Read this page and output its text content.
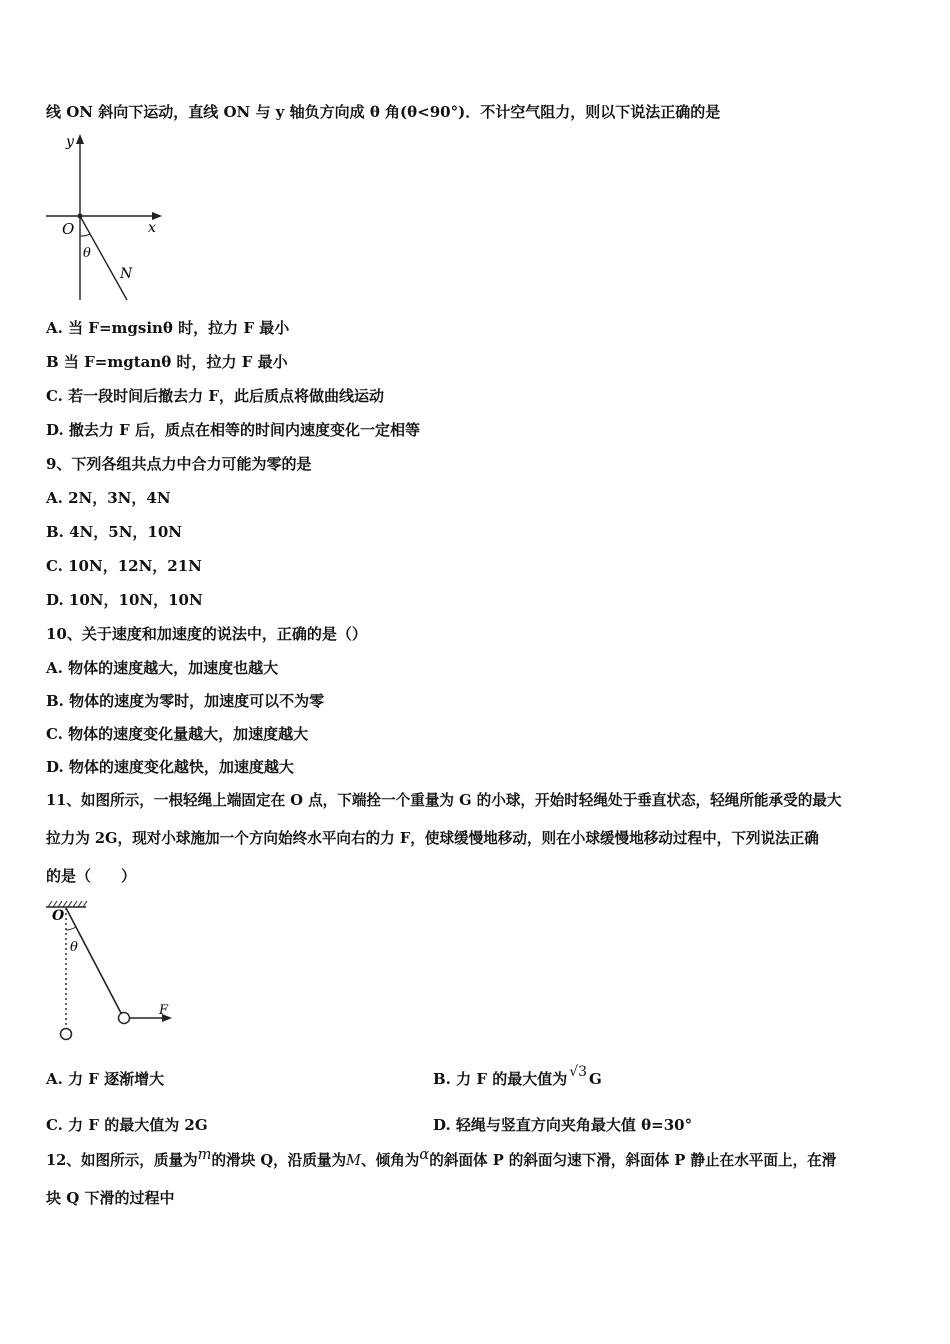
线 ON 斜向下运动，直线 ON 与 y 轴负方向成 θ 角(θ<90°)．不计空气阻力，则以下说法正确的是
y
O	x
θ
N
A. 当 F=mgsinθ 时，拉力 F 最小
B 当 F=mgtanθ 时，拉力 F 最小
C. 若一段时间后撤去力 F，此后质点将做曲线运动
D. 撤去力 F 后，质点在相等的时间内速度变化一定相等
9、下列各组共点力中合力可能为零的是
A. 2N，3N，4N
B. 4N，5N，10N
C. 10N，12N，21N
D. 10N，10N，10N
10、关于速度和加速度的说法中，正确的是（）
A. 物体的速度越大，加速度也越大
B. 物体的速度为零时，加速度可以不为零
C. 物体的速度变化量越大，加速度越大
D. 物体的速度变化越快，加速度越大
11、如图所示，一根轻绳上端固定在 O 点，下端拴一个重量为 G 的小球，开始时轻绳处于垂直状态，轻绳所能承受的最大
拉力为 2G，现对小球施加一个方向始终水平向右的力 F，使球缓慢地移动，则在小球缓慢地移动过程中，下列说法正确
的是（　　）
O
θ
F
A. 力 F 逐渐增大	B. 力 F 的最大值为 √3 G
C. 力 F 的最大值为 2G	D. 轻绳与竖直方向夹角最大值 θ=30°
12、如图所示，质量为m的滑块 Q，沿质量为M、倾角为α的斜面体 P 的斜面匀速下滑，斜面体 P 静止在水平面上，在滑
块 Q 下滑的过程中
